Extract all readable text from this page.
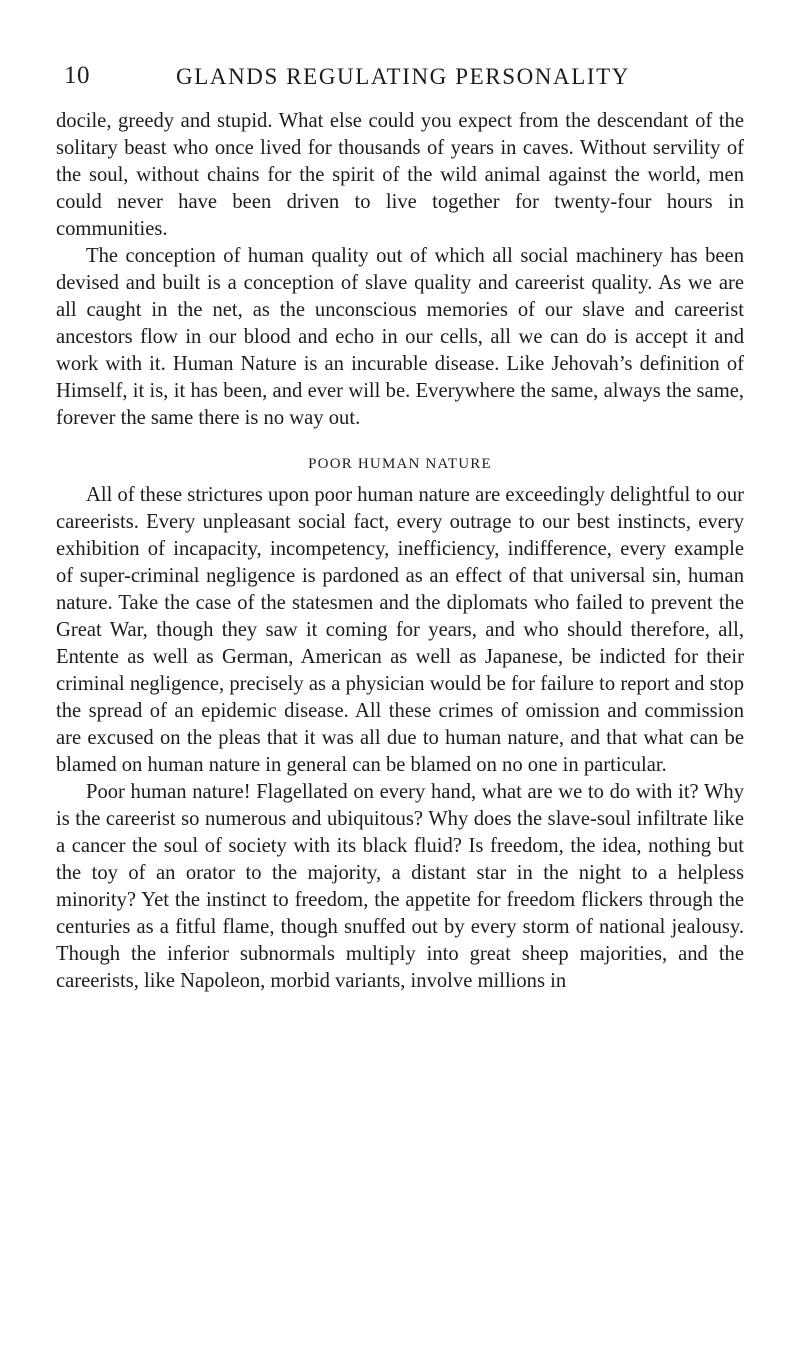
10	GLANDS REGULATING PERSONALITY

docile, greedy and stupid. What else could you expect from the descendant of the solitary beast who once lived for thousands of years in caves. Without servility of the soul, without chains for the spirit of the wild animal against the world, men could never have been driven to live together for twenty-four hours in communities.

The conception of human quality out of which all social machinery has been devised and built is a conception of slave quality and careerist quality. As we are all caught in the net, as the unconscious memories of our slave and careerist ancestors flow in our blood and echo in our cells, all we can do is accept it and work with it. Human Nature is an incurable disease. Like Jehovah’s definition of Himself, it is, it has been, and ever will be. Everywhere the same, always the same, forever the same there is no way out.

POOR HUMAN NATURE

All of these strictures upon poor human nature are exceedingly delightful to our careerists. Every unpleasant social fact, every outrage to our best instincts, every exhibition of incapacity, incompetency, inefficiency, indifference, every example of super-criminal negligence is pardoned as an effect of that universal sin, human nature. Take the case of the statesmen and the diplomats who failed to prevent the Great War, though they saw it coming for years, and who should therefore, all, Entente as well as German, American as well as Japanese, be indicted for their criminal negligence, precisely as a physician would be for failure to report and stop the spread of an epidemic disease. All these crimes of omission and commission are excused on the pleas that it was all due to human nature, and that what can be blamed on human nature in general can be blamed on no one in particular.

Poor human nature! Flagellated on every hand, what are we to do with it? Why is the careerist so numerous and ubiquitous? Why does the slave-soul infiltrate like a cancer the soul of society with its black fluid? Is freedom, the idea, nothing but the toy of an orator to the majority, a distant star in the night to a helpless minority? Yet the instinct to freedom, the appetite for freedom flickers through the centuries as a fitful flame, though snuffed out by every storm of national jealousy. Though the inferior subnormals multiply into great sheep majorities, and the careerists, like Napoleon, morbid variants, involve millions in
